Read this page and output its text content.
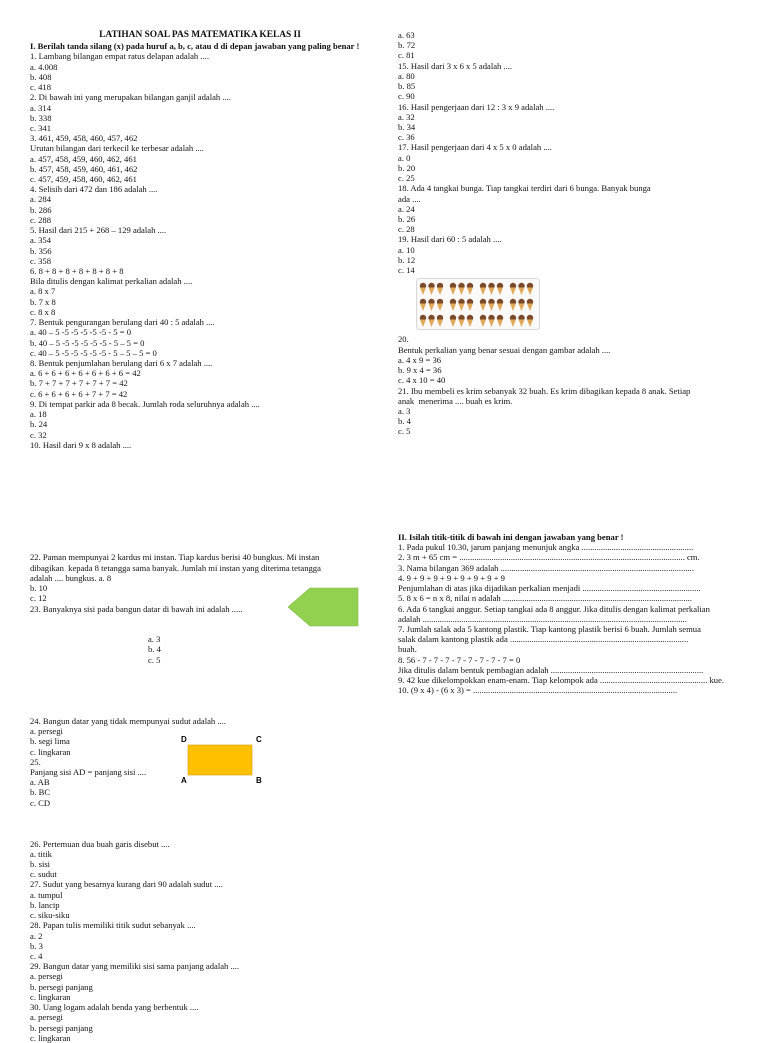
LATIHAN SOAL PAS MATEMATIKA KELAS II
I. Berilah tanda silang (x) pada huruf a, b, c, atau d di depan jawaban yang paling benar !
1. Lambang bilangan empat ratus delapan adalah ....
a. 4.008
b. 408
c. 418
2. Di bawah ini yang merupakan bilangan ganjil adalah ....
a. 314
b. 338
c. 341
3. 461, 459, 458, 460, 457, 462
Urutan bilangan dari terkecil ke terbesar adalah ....
a. 457, 458, 459, 460, 462, 461
b. 457, 458, 459, 460, 461, 462
c. 457, 459, 458, 460, 462, 461
4. Selisih dari 472 dan 186 adalah ....
a. 284
b. 286
c. 288
5. Hasil dari 215 + 268 – 129 adalah ....
a. 354
b. 356
c. 358
6. 8 + 8 + 8 + 8 + 8 + 8 + 8
Bila ditulis dengan kalimat perkalian adalah ....
a. 8 x 7
b. 7 x 8
c. 8 x 8
7. Bentuk pengurangan berulang dari 40 : 5 adalah ....
a. 40 – 5 -5 -5 -5 -5 -5 - 5 = 0
b. 40 – 5 -5 -5 -5 -5 -5 - 5 – 5 = 0
c. 40 – 5 -5 -5 -5 -5 -5 - 5 – 5 – 5 = 0
8. Bentuk penjumlahan berulang dari 6 x 7 adalah ....
a. 6 + 6 + 6 + 6 + 6 + 6 + 6 = 42
b. 7 + 7 + 7 + 7 + 7 + 7 = 42
c. 6 + 6 + 6 + 6 + 7 + 7 = 42
9. Di tempat parkir ada 8 becak. Jumlah roda seluruhnya adalah ....
a. 18
b. 24
c. 32
10. Hasil dari 9 x 8 adalah ....
a. 63
b. 72
c. 81
15. Hasil dari 3 x 6 x 5 adalah ....
a. 80
b. 85
c. 90
16. Hasil pengerjaan dari 12 : 3 x 9 adalah ....
a. 32
b. 34
c. 36
17. Hasil pengerjaan dari 4 x 5 x 0 adalah ....
a. 0
b. 20
c. 25
18. Ada 4 tangkai bunga. Tiap tangkai terdiri dari 6 bunga. Banyak bunga
ada ....
a. 24
b. 26
c. 28
19. Hasil dari 60 : 5 adalah ....
a. 10
b. 12
c. 14
20.
Bentuk perkalian yang benar sesuai dengan gambar adalah ....
a. 4 x 9 = 36
b. 9 x 4 = 36
c. 4 x 10 = 40
21. Ibu membeli es krim sebanyak 32 buah. Es krim dibagikan kepada 8 anak. Setiap
anak  menerima .... buah es krim.
a. 3
b. 4
c. 5

22. Paman mempunyai 2 kardus mi instan. Tiap kardus berisi 40 bungkus. Mi instan
dibagikan  kepada 8 tetangga sama banyak. Jumlah mi instan yang diterima tetangga
adalah .... bungkus. a. 8
b. 10
c. 12
23. Banyaknya sisi pada bangun datar di bawah ini adalah .....

a. 3
b. 4
c. 5

24. Bangun datar yang tidak mempunyai sudut adalah ....
a. persegi
b. segi lima
c. lingkaran
25.
Panjang sisi AD = panjang sisi ....
a. AB
b. BC
c. CD

D	C
A	B

26. Pertemuan dua buah garis disebut ....
a. titik
b. sisi
c. sudut
27. Sudut yang besarnya kurang dari 90 adalah sudut ....
a. tumpul
b. lancip
c. siku-siku
28. Papan tulis memiliki titik sudut sebanyak ....
a. 2
b. 3
c. 4
29. Bangun datar yang memiliki sisi sama panjang adalah ....
a. persegi
b. persegi panjang
c. lingkaran
30. Uang logam adalah benda yang berbentuk ....
a. persegi
b. persegi panjang
c. lingkaran
II. Isilah titik-titik di bawah ini dengan jawaban yang benar !
1. Pada pukul 10.30, jarum panjang menunjuk angka ....................................................
2. 3 m + 65 cm = ......................................................................................................... cm.
3. Nama bilangan 369 adalah ..........................................................................................
4. 9 + 9 + 9 + 9 + 9 + 9 + 9 + 9
Penjumlahan di atas jika dijadikan perkalian menjadi .......................................................
5. 8 x 6 = n x 8, nilai n adalah ........................................................................................
6. Ada 6 tangkai anggur. Setiap tangkai ada 8 anggur. Jika ditulis dengan kalimat perkalian
adalah ...........................................................................................................................
7. Jumlah salak ada 5 kantong plastik. Tiap kantong plastik berisi 6 buah. Jumlah semua
salak dalam kantong plastik ada ...................................................................................
buah.
8. 56 - 7 - 7 - 7 - 7 - 7 - 7 - 7 - 7 = 0
Jika ditulis dalam bentuk pembagian adalah .......................................................................
9. 42 kue dikelompokkan enam-enam. Tiap kelompok ada .................................................. kue.
10. (9 x 4) - (6 x 3) = ...............................................................................................
